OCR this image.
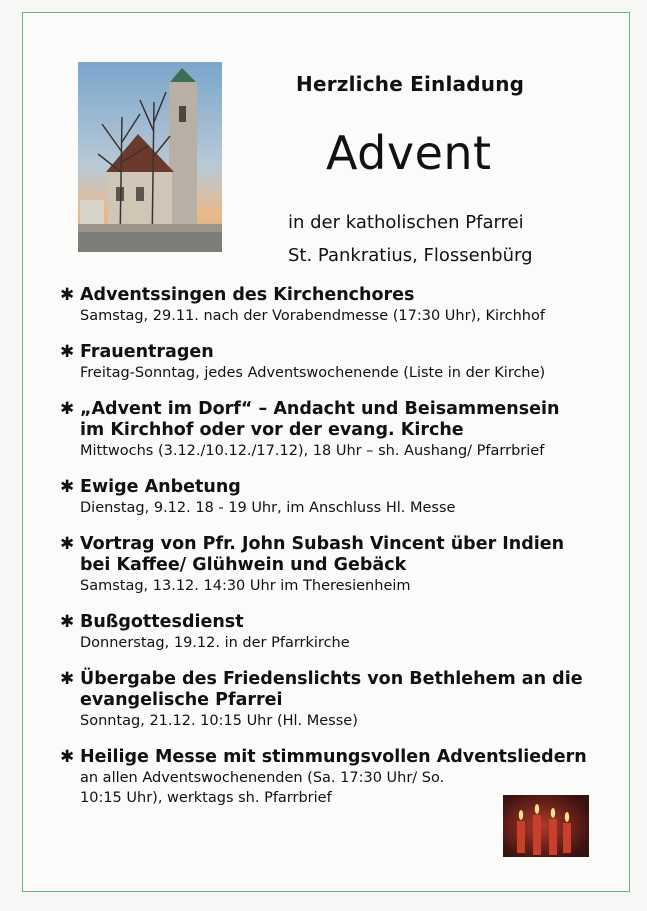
Herzliche Einladung
Advent
in der katholischen Pfarrei
St. Pankratius, Flossenbürg
✱ Adventssingen des Kirchenchores
Samstag, 29.11. nach der Vorabendmesse (17:30 Uhr), Kirchhof
✱ Frauentragen
Freitag-Sonntag, jedes Adventswochenende (Liste in der Kirche)
✱ „Advent im Dorf“ – Andacht und Beisammensein
im Kirchhof oder vor der evang. Kirche
Mittwochs (3.12./10.12./17.12), 18 Uhr – sh. Aushang/ Pfarrbrief
✱ Ewige Anbetung
Dienstag, 9.12. 18 - 19 Uhr, im Anschluss Hl. Messe
✱ Vortrag von Pfr. John Subash Vincent über Indien
bei Kaffee/ Glühwein und Gebäck
Samstag, 13.12. 14:30 Uhr im Theresienheim
✱ Bußgottesdienst
Donnerstag, 19.12. in der Pfarrkirche
✱ Übergabe des Friedenslichts von Bethlehem an die
evangelische Pfarrei
Sonntag, 21.12. 10:15 Uhr (Hl. Messe)
✱ Heilige Messe mit stimmungsvollen Adventsliedern
an allen Adventswochenenden (Sa. 17:30 Uhr/ So.
10:15 Uhr), werktags sh. Pfarrbrief
